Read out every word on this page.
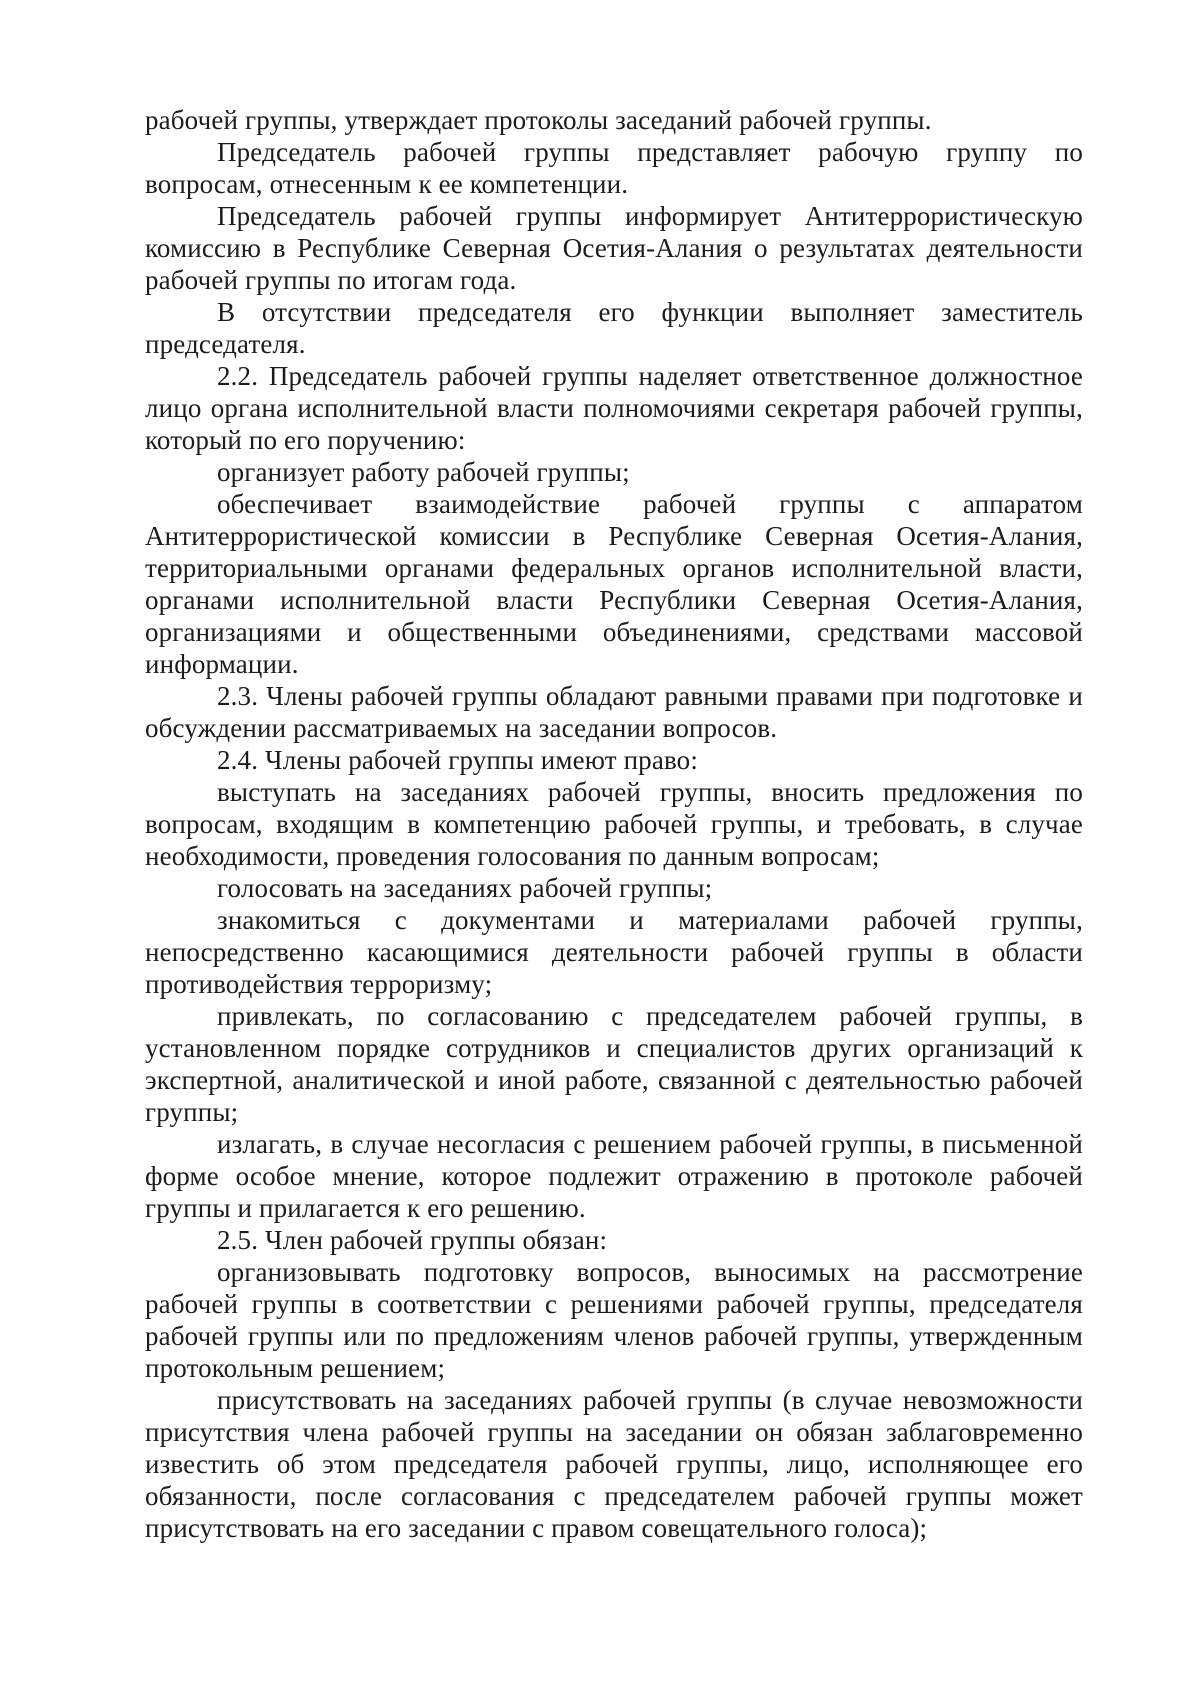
рабочей группы, утверждает протоколы заседаний рабочей группы.

Председатель рабочей группы представляет рабочую группу по вопросам, отнесенным к ее компетенции.

Председатель рабочей группы информирует Антитеррористическую комиссию в Республике Северная Осетия-Алания о результатах деятельности рабочей группы по итогам года.

В отсутствии председателя его функции выполняет заместитель председателя.

2.2. Председатель рабочей группы наделяет ответственное должностное лицо органа исполнительной власти полномочиями секретаря рабочей группы, который по его поручению:

организует работу рабочей группы;

обеспечивает взаимодействие рабочей группы с аппаратом Антитеррористической комиссии в Республике Северная Осетия-Алания, территориальными органами федеральных органов исполнительной власти, органами исполнительной власти Республики Северная Осетия-Алания, организациями и общественными объединениями, средствами массовой информации.

2.3. Члены рабочей группы обладают равными правами при подготовке и обсуждении рассматриваемых на заседании вопросов.

2.4. Члены рабочей группы имеют право:

выступать на заседаниях рабочей группы, вносить предложения по вопросам, входящим в компетенцию рабочей группы, и требовать, в случае необходимости, проведения голосования по данным вопросам;

голосовать на заседаниях рабочей группы;

знакомиться с документами и материалами рабочей группы, непосредственно касающимися деятельности рабочей группы в области противодействия терроризму;

привлекать, по согласованию с председателем рабочей группы, в установленном порядке сотрудников и специалистов других организаций к экспертной, аналитической и иной работе, связанной с деятельностью рабочей группы;

излагать, в случае несогласия с решением рабочей группы, в письменной форме особое мнение, которое подлежит отражению в протоколе рабочей группы и прилагается к его решению.

2.5. Член рабочей группы обязан:

организовывать подготовку вопросов, выносимых на рассмотрение рабочей группы в соответствии с решениями рабочей группы, председателя рабочей группы или по предложениям членов рабочей группы, утвержденным протокольным решением;

присутствовать на заседаниях рабочей группы (в случае невозможности присутствия члена рабочей группы на заседании он обязан заблаговременно известить об этом председателя рабочей группы, лицо, исполняющее его обязанности, после согласования с председателем рабочей группы может присутствовать на его заседании с правом совещательного голоса);
